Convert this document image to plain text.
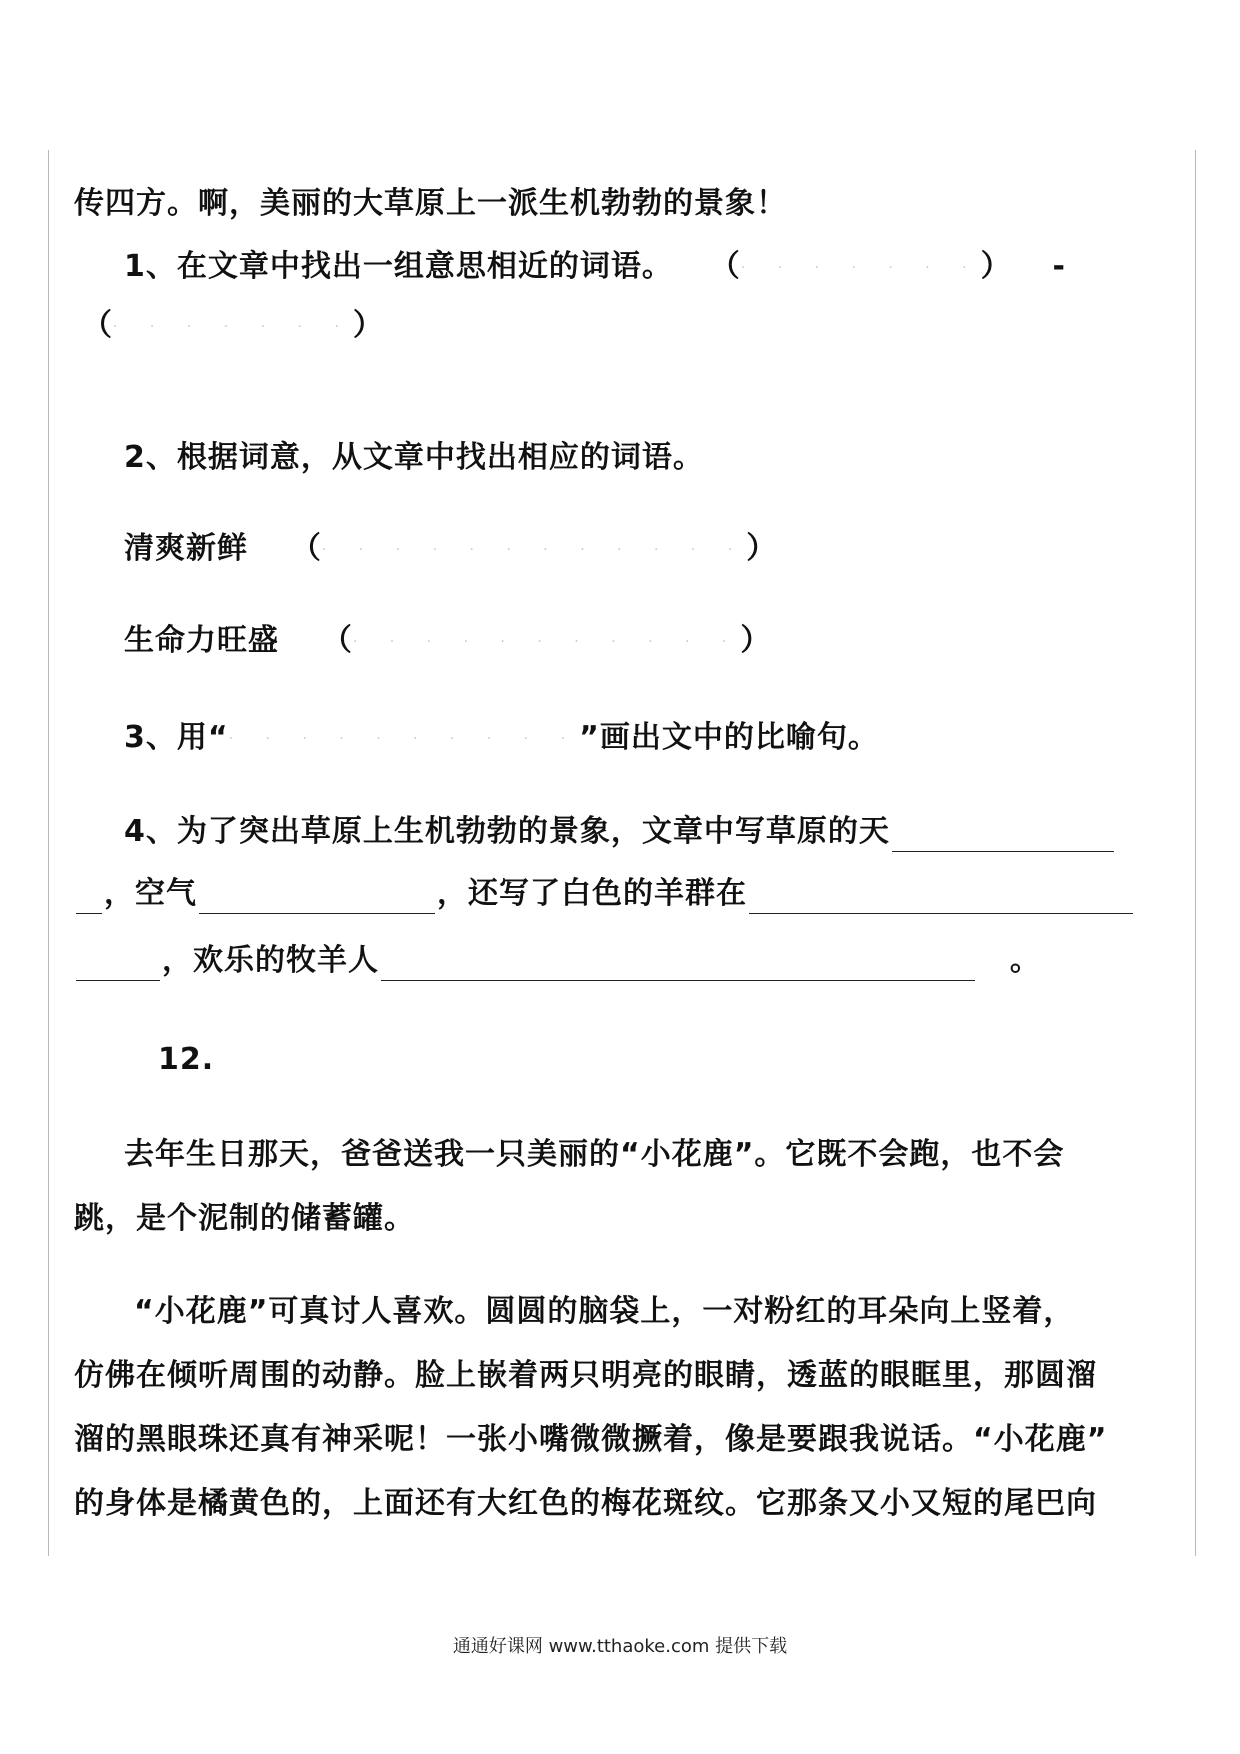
传四方。啊，美丽的大草原上一派生机勃勃的景象！
1、在文章中找出一组意思相近的词语。 （· · · · · · ·） -
（· · · · · · ·）
2、根据词意，从文章中找出相应的词语。
清爽新鲜 （· · · · · · · · · · · ·）
生命力旺盛 （· · · · · · · · · · ·）
3、用“· · · · · · · · · ·”画出文中的比喻句。
4、为了突出草原上生机勃勃的景象，文章中写草原的天
，空气	，还写了白色的羊群在
，欢乐的牧羊人	。
12.
去年生日那天，爸爸送我一只美丽的“小花鹿”。它既不会跑，也不会
跳，是个泥制的储蓄罐。
“小花鹿”可真讨人喜欢。圆圆的脑袋上，一对粉红的耳朵向上竖着，
仿佛在倾听周围的动静。脸上嵌着两只明亮的眼睛，透蓝的眼眶里，那圆溜
溜的黑眼珠还真有神采呢！一张小嘴微微撅着，像是要跟我说话。“小花鹿”
的身体是橘黄色的，上面还有大红色的梅花斑纹。它那条又小又短的尾巴向
通通好课网 www.tthaoke.com 提供下载
